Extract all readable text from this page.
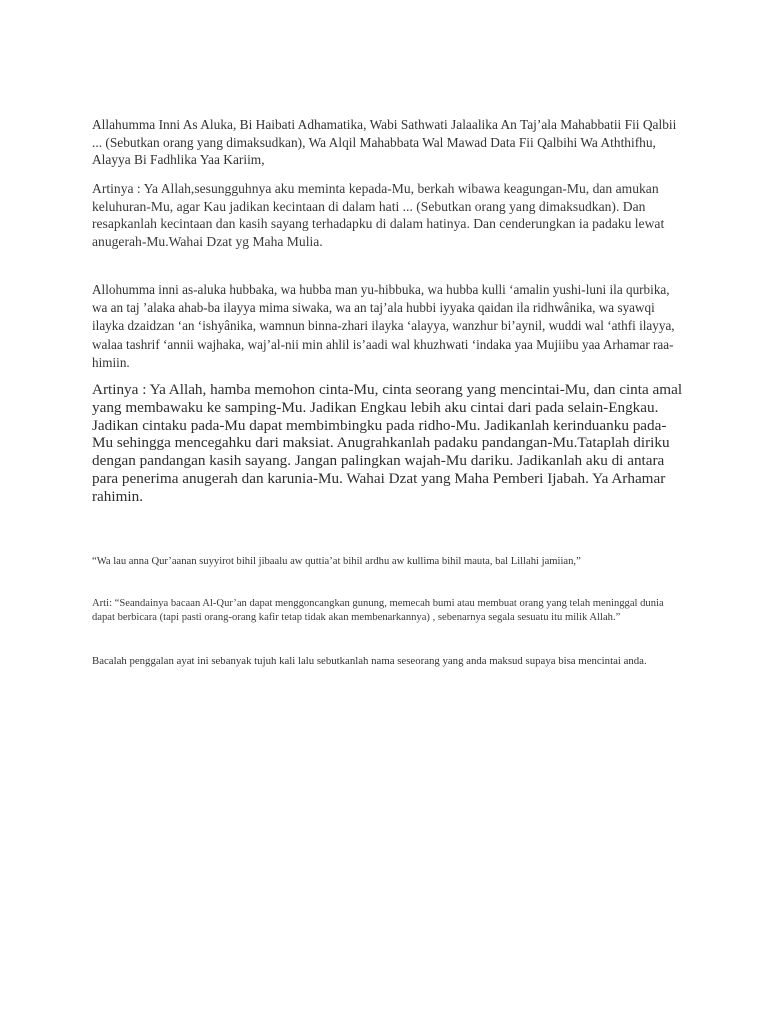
Allahumma Inni As Aluka, Bi Haibati Adhamatika, Wabi Sathwati Jalaalika An Taj’ala Mahabbatii Fii Qalbii ... (Sebutkan orang yang dimaksudkan), Wa Alqil Mahabbata Wal Mawad Data Fii Qalbihi Wa Aththifhu, Alayya Bi Fadhlika Yaa Kariim,

Artinya : Ya Allah,sesungguhnya aku meminta kepada-Mu, berkah wibawa keagungan-Mu, dan amukan keluhuran-Mu, agar Kau jadikan kecintaan di dalam hati ... (Sebutkan orang yang dimaksudkan). Dan resapkanlah kecintaan dan kasih sayang terhadapku di dalam hatinya. Dan cenderungkan ia padaku lewat anugerah-Mu.Wahai Dzat yg Maha Mulia.

Allohumma inni as-aluka hubbaka, wa hubba man yu-hibbuka, wa hubba kulli ‘amalin yushi-luni ila qurbika, wa an taj ’alaka ahab-ba ilayya mima siwaka, wa an taj’ala hubbi iyyaka qaidan ila ridhwânika, wa syawqi ilayka dzaidzan ‘an ‘ishyânika, wamnun binna-zhari ilayka ‘alayya, wanzhur bi’aynil, wuddi wal ‘athfi ilayya, walaa tashrif ‘annii wajhaka, waj’al-nii min ahlil is’aadi wal khuzhwati ‘indaka yaa Mujiibu yaa Arhamar raa-himiin.

Artinya : Ya Allah, hamba memohon cinta-Mu, cinta seorang yang mencintai-Mu, dan cinta amal yang membawaku ke samping-Mu. Jadikan Engkau lebih aku cintai dari pada selain-Engkau. Jadikan cintaku pada-Mu dapat membimbingku pada ridho-Mu. Jadikanlah kerinduanku pada-Mu sehingga mencegahku dari maksiat. Anugrahkanlah padaku pandangan-Mu.Tataplah diriku dengan pandangan kasih sayang. Jangan palingkan wajah-Mu dariku. Jadikanlah aku di antara para penerima anugerah dan karunia-Mu. Wahai Dzat yang Maha Pemberi Ijabah. Ya Arhamar rahimin.

“Wa lau anna Qur’aanan suyyirot bihil jibaalu aw quttia’at bihil ardhu aw kullima bihil mauta, bal Lillahi jamiian,”

Arti: “Seandainya bacaan Al-Qur’an dapat menggoncangkan gunung, memecah bumi atau membuat orang yang telah meninggal dunia dapat berbicara (tapi pasti orang-orang kafir tetap tidak akan membenarkannya) , sebenarnya segala sesuatu itu milik Allah.”

Bacalah penggalan ayat ini sebanyak tujuh kali lalu sebutkanlah nama seseorang yang anda maksud supaya bisa mencintai anda.
